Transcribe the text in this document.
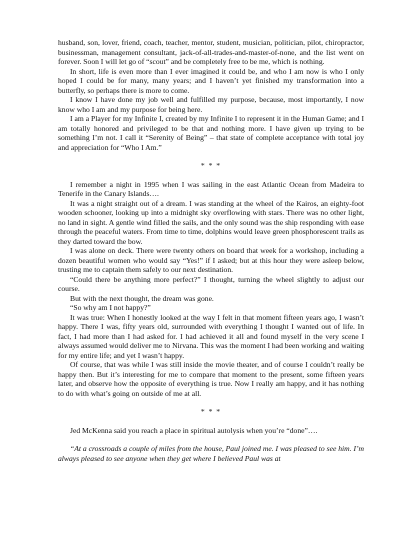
husband, son, lover, friend, coach, teacher, mentor, student, musician, politician, pilot, chiropractor, businessman, management consultant, jack-of-all-trades-and-master-of-none, and the list went on forever. Soon I will let go of “scout” and be completely free to be me, which is nothing.

In short, life is even more than I ever imagined it could be, and who I am now is who I only hoped I could be for many, many years; and I haven’t yet finished my transformation into a butterfly, so perhaps there is more to come.

I know I have done my job well and fulfilled my purpose, because, most importantly, I now know who I am and my purpose for being here.

I am a Player for my Infinite I, created by my Infinite I to represent it in the Human Game; and I am totally honored and privileged to be that and nothing more. I have given up trying to be something I’m not. I call it “Serenity of Being” – that state of complete acceptance with total joy and appreciation for “Who I Am.”

* * *

I remember a night in 1995 when I was sailing in the east Atlantic Ocean from Madeira to Tenerife in the Canary Islands….

It was a night straight out of a dream. I was standing at the wheel of the Kairos, an eighty-foot wooden schooner, looking up into a midnight sky overflowing with stars. There was no other light, no land in sight. A gentle wind filled the sails, and the only sound was the ship responding with ease through the peaceful waters. From time to time, dolphins would leave green phosphorescent trails as they darted toward the bow.

I was alone on deck. There were twenty others on board that week for a workshop, including a dozen beautiful women who would say “Yes!” if I asked; but at this hour they were asleep below, trusting me to captain them safely to our next destination.

“Could there be anything more perfect?” I thought, turning the wheel slightly to adjust our course.

But with the next thought, the dream was gone.

“So why am I not happy?”

It was true: When I honestly looked at the way I felt in that moment fifteen years ago, I wasn’t happy. There I was, fifty years old, surrounded with everything I thought I wanted out of life. In fact, I had more than I had asked for. I had achieved it all and found myself in the very scene I always assumed would deliver me to Nirvana. This was the moment I had been working and waiting for my entire life; and yet I wasn’t happy.

Of course, that was while I was still inside the movie theater, and of course I couldn’t really be happy then. But it’s interesting for me to compare that moment to the present, some fifteen years later, and observe how the opposite of everything is true. Now I really am happy, and it has nothing to do with what’s going on outside of me at all.

* * *

Jed McKenna said you reach a place in spiritual autolysis when you’re “done”….

“At a crossroads a couple of miles from the house, Paul joined me. I was pleased to see him. I’m always pleased to see anyone when they get where I believed Paul was at
